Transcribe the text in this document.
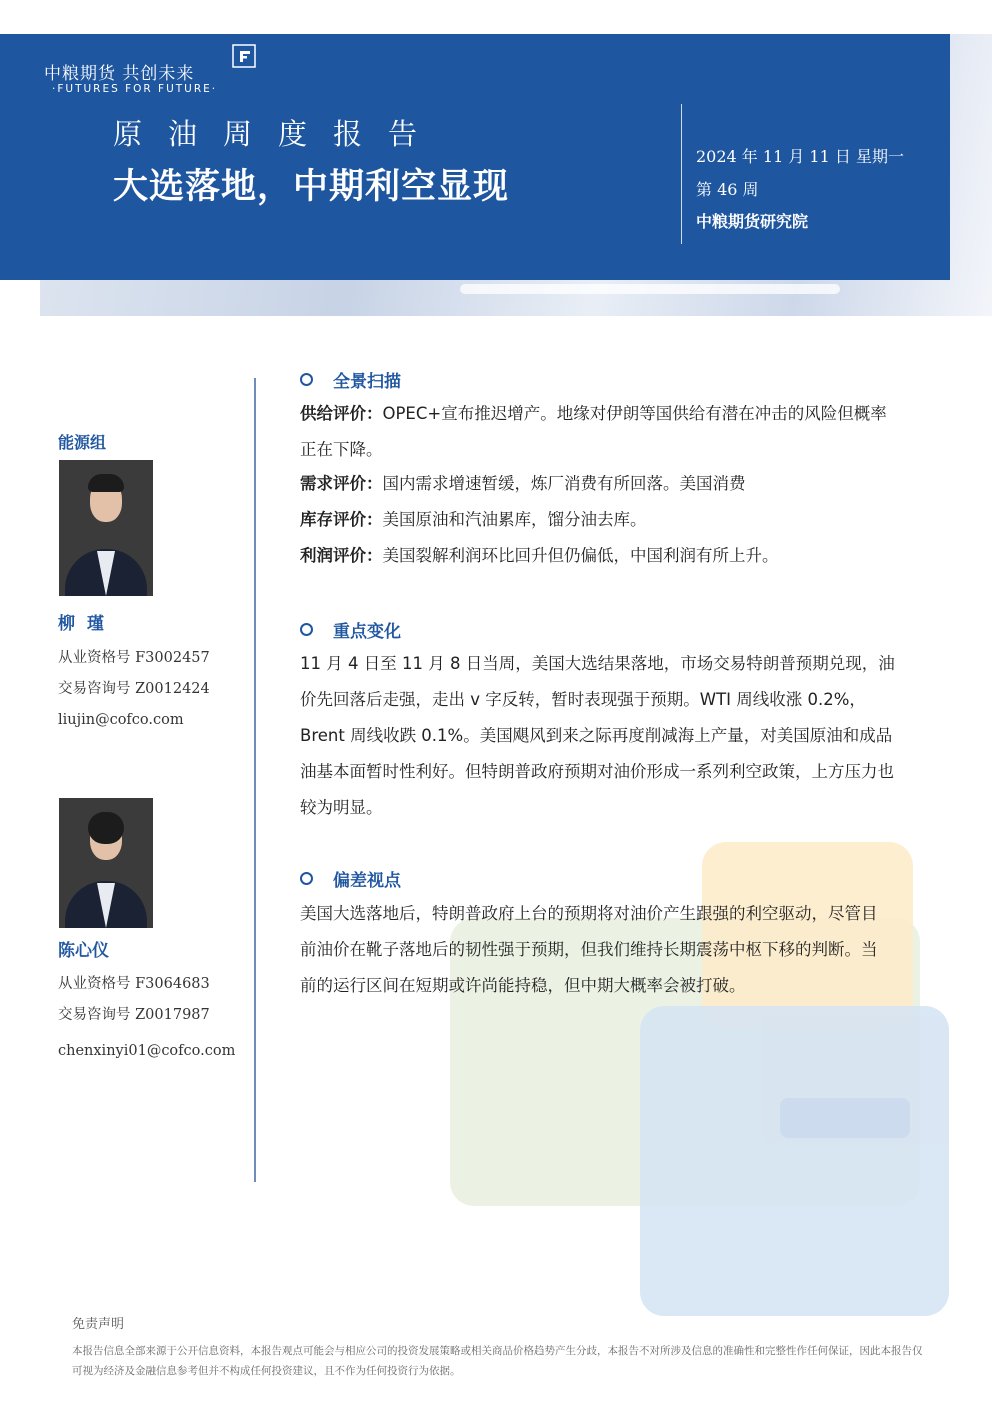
中粮期货 共创未来
·FUTURES FOR FUTURE·
原油周度报告
大选落地，中期利空显现
2024 年 11 月 11 日 星期一
第 46 周
中粮期货研究院
能源组
柳瑾
从业资格号 F3002457
交易咨询号 Z0012424
liujin@cofco.com
陈心仪
从业资格号 F3064683
交易咨询号 Z0017987
chenxinyi01@cofco.com
全景扫描
供给评价：OPEC+宣布推迟增产。地缘对伊朗等国供给有潜在冲击的风险但概率正在下降。
需求评价：国内需求增速暂缓，炼厂消费有所回落。美国消费
库存评价：美国原油和汽油累库，馏分油去库。
利润评价：美国裂解利润环比回升但仍偏低，中国利润有所上升。
重点变化
11 月 4 日至 11 月 8 日当周，美国大选结果落地，市场交易特朗普预期兑现，油价先回落后走强，走出 v 字反转，暂时表现强于预期。WTI 周线收涨 0.2%，Brent 周线收跌 0.1%。美国飓风到来之际再度削减海上产量，对美国原油和成品油基本面暂时性利好。但特朗普政府预期对油价形成一系列利空政策，上方压力也较为明显。
偏差视点
美国大选落地后，特朗普政府上台的预期将对油价产生跟强的利空驱动，尽管目前油价在靴子落地后的韧性强于预期，但我们维持长期震荡中枢下移的判断。当前的运行区间在短期或许尚能持稳，但中期大概率会被打破。
免责声明
本报告信息全部来源于公开信息资料，本报告观点可能会与相应公司的投资发展策略或相关商品价格趋势产生分歧，本报告不对所涉及信息的准确性和完整性作任何保证，因此本报告仅可视为经济及金融信息参考但并不构成任何投资建议，且不作为任何投资行为依据。
